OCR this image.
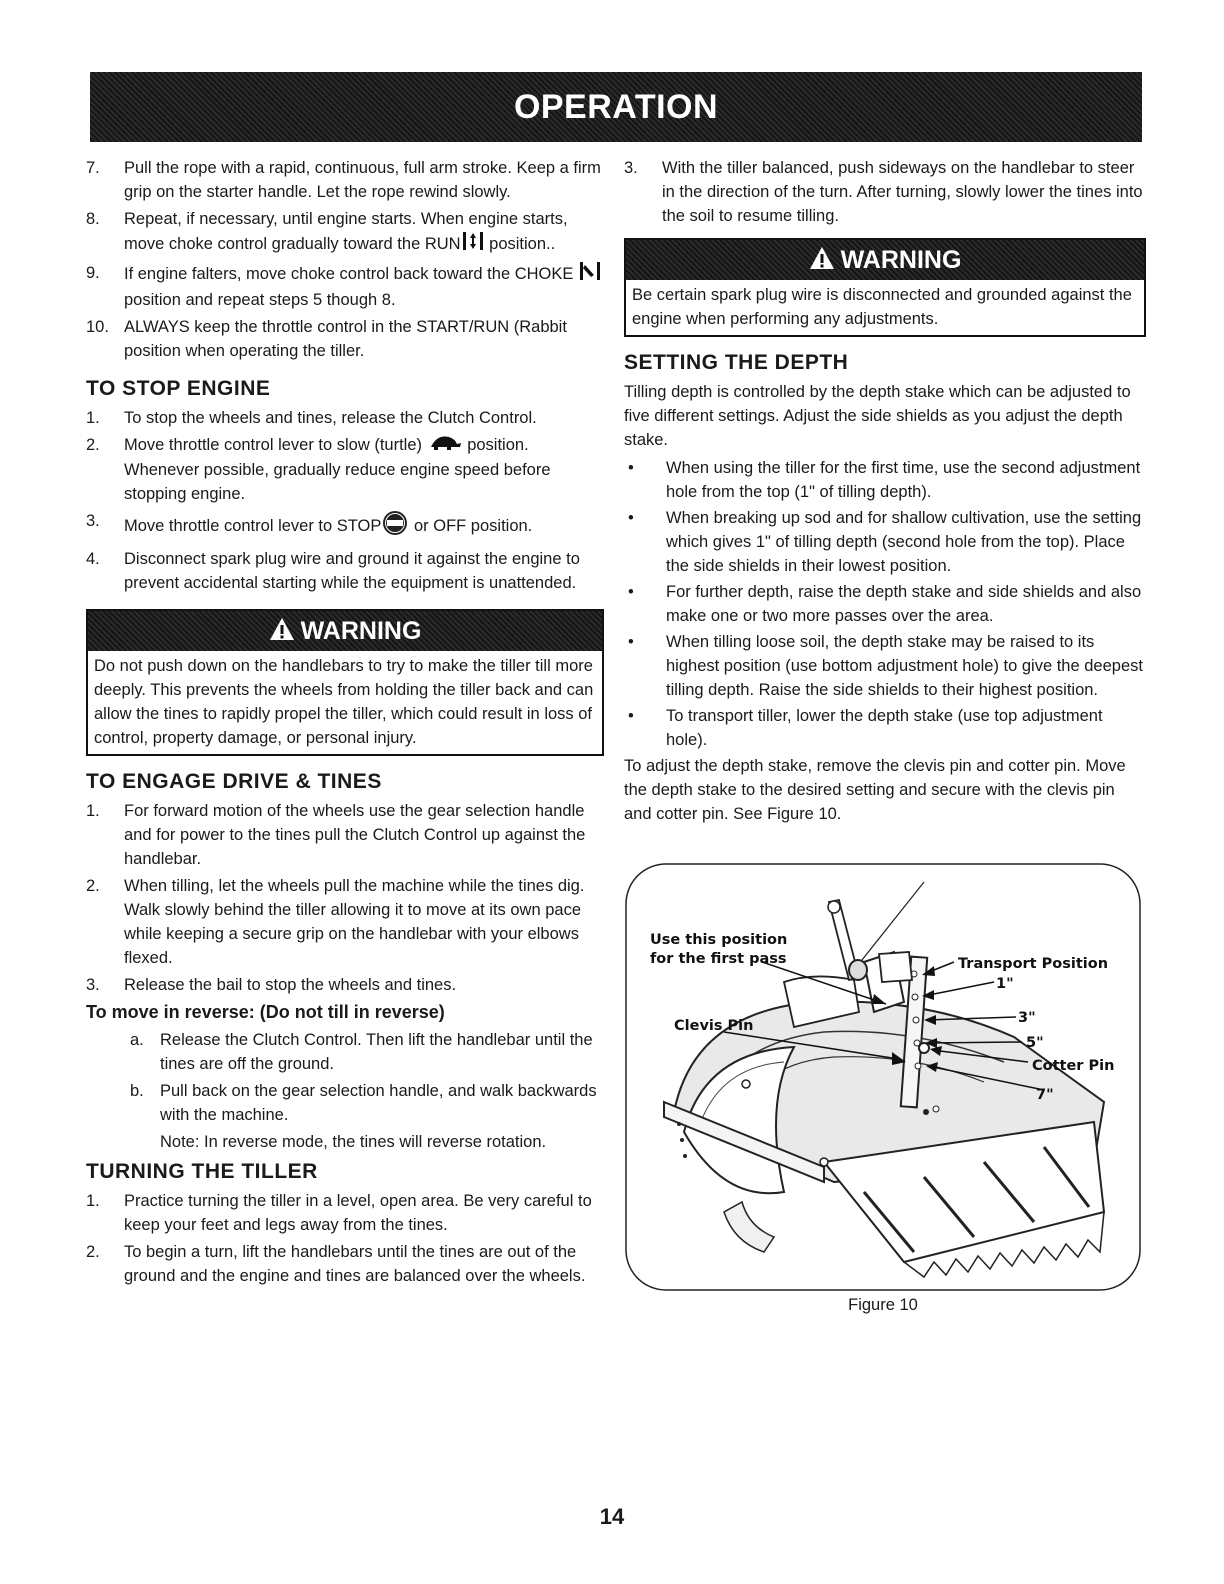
OPERATION
7.	Pull the rope with a rapid, continuous, full arm stroke. Keep a firm grip on the starter handle. Let the rope rewind slowly.
8.	Repeat, if necessary, until engine starts. When engine starts, move choke control gradually toward the RUN position..
9.	If engine falters, move choke control back toward the CHOKE  position and repeat steps 5 though 8.
10. ALWAYS keep the throttle control in the START/RUN (Rabbit position when operating the tiller.
TO STOP ENGINE
1.	To stop the wheels and tines, release the Clutch Control.
2.	Move throttle control lever to slow (turtle)  position. Whenever possible, gradually reduce engine speed before stopping engine.
3.	Move throttle control lever to STOP or OFF position.
4.	Disconnect spark plug wire and ground it against the engine to prevent accidental starting while the equipment is unattended.
WARNING
Do not push down on the handlebars to try to make the tiller till more deeply. This prevents the wheels from holding the tiller back and can allow the tines to rapidly propel the tiller, which could result in loss of control, property damage, or personal injury.
TO ENGAGE DRIVE & TINES
1.	For forward motion of the wheels use the gear selection handle and for power to the tines pull the Clutch Control up against the handlebar.
2.	When tilling, let the wheels pull the machine while the tines dig. Walk slowly behind the tiller allowing it to move at its own pace while keeping a secure grip on the handlebar with your elbows flexed.
3.	Release the bail to stop the wheels and tines.
To move in reverse: (Do not till in reverse)
a. Release the Clutch Control. Then lift the handlebar until the tines are off the ground.
b. Pull back on the gear selection handle, and walk backwards with the machine.
Note: In reverse mode, the tines will reverse rotation.
TURNING THE TILLER
1.	Practice turning the tiller in a level, open area. Be very careful to keep your feet and legs away from the tines.
2.	To begin a turn, lift the handlebars until the tines are out of the ground and the engine and tines are balanced over the wheels.
3.	With the tiller balanced, push sideways on the handlebar to steer in the direction of the turn. After turning, slowly lower the tines into the soil to resume tilling.
WARNING
Be certain spark plug wire is disconnected and grounded against the engine when performing any adjustments.
SETTING THE DEPTH

Tilling depth is controlled by the depth stake which can be adjusted to five different settings. Adjust the side shields as you adjust the depth stake.

•	When using the tiller for the first time, use the second adjustment hole from the top (1" of tilling depth).
•	When breaking up sod and for shallow cultivation, use the setting which gives 1" of tilling depth (second hole from the top). Place the side shields in their lowest position.
•	For further depth, raise the depth stake and side shields and also make one or two more passes over the area.
•	When tilling loose soil, the depth stake may be raised to its highest position (use bottom adjustment hole) to give the deepest tilling depth. Raise the side shields to their highest position.
•	To transport tiller, lower the depth stake (use top adjustment hole).

To adjust the depth stake, remove the clevis pin and cotter pin. Move the depth stake to the desired setting and secure with the clevis pin and cotter pin. See Figure 10.

Use this position
for the first pass	Transport Position
1"
3"
5"
7"
Clevis Pin
Cotter Pin
Figure 10
14
